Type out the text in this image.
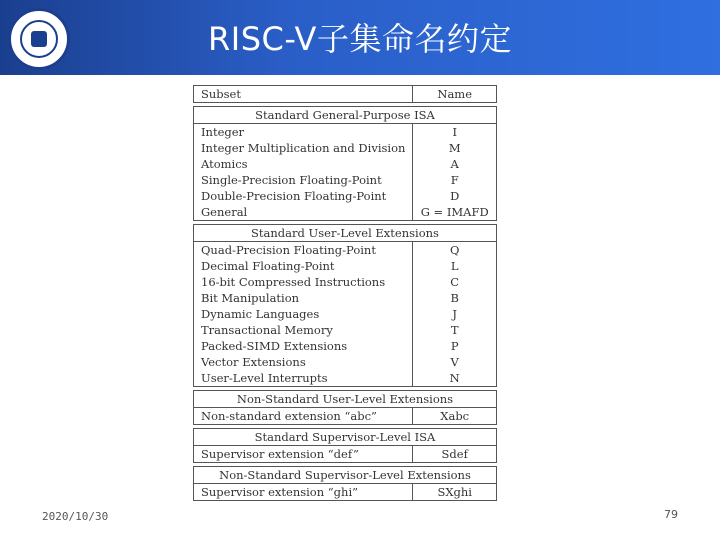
RISC-V子集命名约定
Subset	Name

Standard General-Purpose ISA	
Integer	I
Integer Multiplication and Division	M
Atomics	A
Single-Precision Floating-Point	F
Double-Precision Floating-Point	D
General	G = IMAFD

Standard User-Level Extensions	
Quad-Precision Floating-Point	Q
Decimal Floating-Point	L
16-bit Compressed Instructions	C
Bit Manipulation	B
Dynamic Languages	J
Transactional Memory	T
Packed-SIMD Extensions	P
Vector Extensions	V
User-Level Interrupts	N

Non-Standard User-Level Extensions	
Non-standard extension “abc”	Xabc

Standard Supervisor-Level ISA	
Supervisor extension “def”	Sdef

Non-Standard Supervisor-Level Extensions	
Supervisor extension “ghi”	SXghi
2020/10/30	79
